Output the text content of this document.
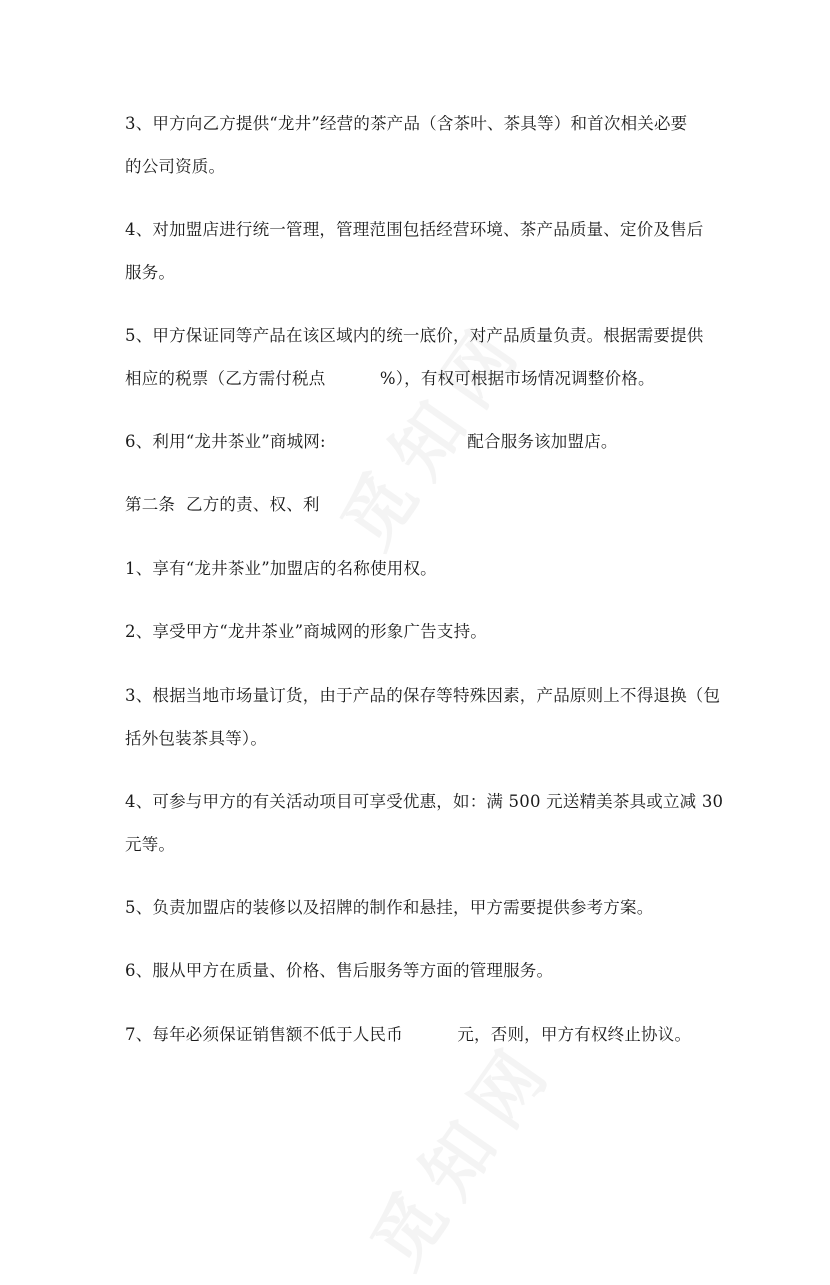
3、甲方向乙方提供“龙井”经营的茶产品（含茶叶、茶具等）和首次相关必要
的公司资质。
4、对加盟店进行统一管理，管理范围包括经营环境、茶产品质量、定价及售后
服务。
5、甲方保证同等产品在该区域内的统一底价，对产品质量负责。根据需要提供
相应的税票（乙方需付税点          %），有权可根据市场情况调整价格。
6、利用“龙井茶业”商城网:                          配合服务该加盟店。
第二条  乙方的责、权、利
1、享有“龙井茶业”加盟店的名称使用权。
2、享受甲方“龙井茶业”商城网的形象广告支持。
3、根据当地市场量订货，由于产品的保存等特殊因素，产品原则上不得退换（包
括外包装茶具等）。
4、可参与甲方的有关活动项目可享受优惠，如：满 500 元送精美茶具或立减 30
元等。
5、负责加盟店的装修以及招牌的制作和悬挂，甲方需要提供参考方案。
6、服从甲方在质量、价格、售后服务等方面的管理服务。
7、每年必须保证销售额不低于人民币          元，否则，甲方有权终止协议。
